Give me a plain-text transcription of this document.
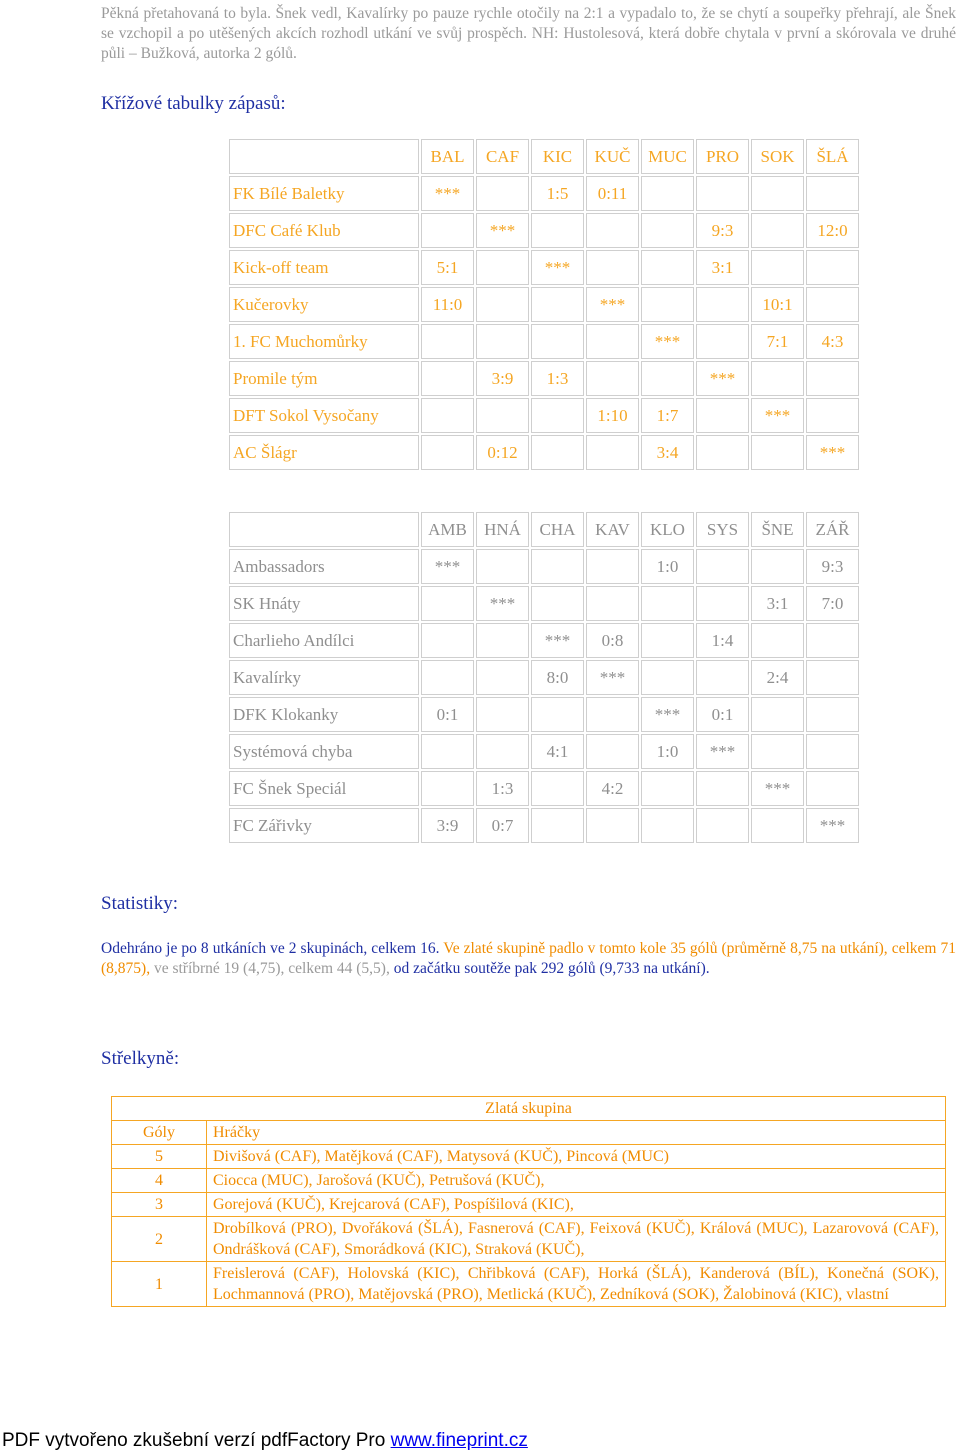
Pěkná přetahovaná to byla. Šnek vedl, Kavalírky po pauze rychle otočily na 2:1 a vypadalo to, že se chytí a soupeřky přehrají, ale Šnek se vzchopil a po utěšených akcích rozhodl utkání ve svůj prospěch. NH: Hustolesová, která dobře chytala v první a skórovala ve druhé půli – Bužková, autorka 2 gólů.
Křížové tabulky zápasů:
	BAL	CAF	KIC	KUČ	MUC	PRO	SOK	ŠLÁ
FK Bílé Baletky	***		1:5	0:11				
DFC Café Klub		***				9:3		12:0
Kick-off team	5:1		***			3:1		
Kučerovky	11:0			***			10:1	
1. FC Muchomůrky					***		7:1	4:3
Promile tým		3:9	1:3			***		
DFT Sokol Vysočany				1:10	1:7		***	
AC Šlágr		0:12			3:4			***
	AMB	HNÁ	CHA	KAV	KLO	SYS	ŠNE	ZÁŘ
Ambassadors	***				1:0			9:3
SK Hnáty		***					3:1	7:0
Charlieho Andílci			***	0:8		1:4		
Kavalírky			8:0	***			2:4	
DFK Klokanky	0:1				***	0:1		
Systémová chyba			4:1		1:0	***		
FC Šnek Speciál		1:3		4:2			***	
FC Zářivky	3:9	0:7						***
Statistiky:
Odehráno je po 8 utkáních ve 2 skupinách, celkem 16. Ve zlaté skupině padlo v tomto kole 35 gólů (průměrně 8,75 na utkání), celkem 71 (8,875), ve stříbrné 19 (4,75), celkem 44 (5,5), od začátku soutěže pak 292 gólů (9,733 na utkání).
Střelkyně:
Zlatá skupina	
Góly	Hráčky
5	Divišová (CAF), Matějková (CAF), Matysová (KUČ), Pincová (MUC)
4	Ciocca (MUC), Jarošová (KUČ), Petrušová (KUČ),
3	Gorejová (KUČ), Krejcarová (CAF), Pospíšilová (KIC),
2	Drobílková (PRO), Dvořáková (ŠLÁ), Fasnerová (CAF), Feixová (KUČ), Králová (MUC), Lazarovová (CAF), Ondrášková (CAF), Smorádková (KIC), Straková (KUČ),
1	Freislerová (CAF), Holovská (KIC), Chřibková (CAF), Horká (ŠLÁ), Kanderová (BÍL), Konečná (SOK), Lochmannová (PRO), Matějovská (PRO), Metlická (KUČ), Zedníková (SOK), Žalobinová (KIC), vlastní
PDF vytvořeno zkušební verzí pdfFactory Pro www.fineprint.cz
